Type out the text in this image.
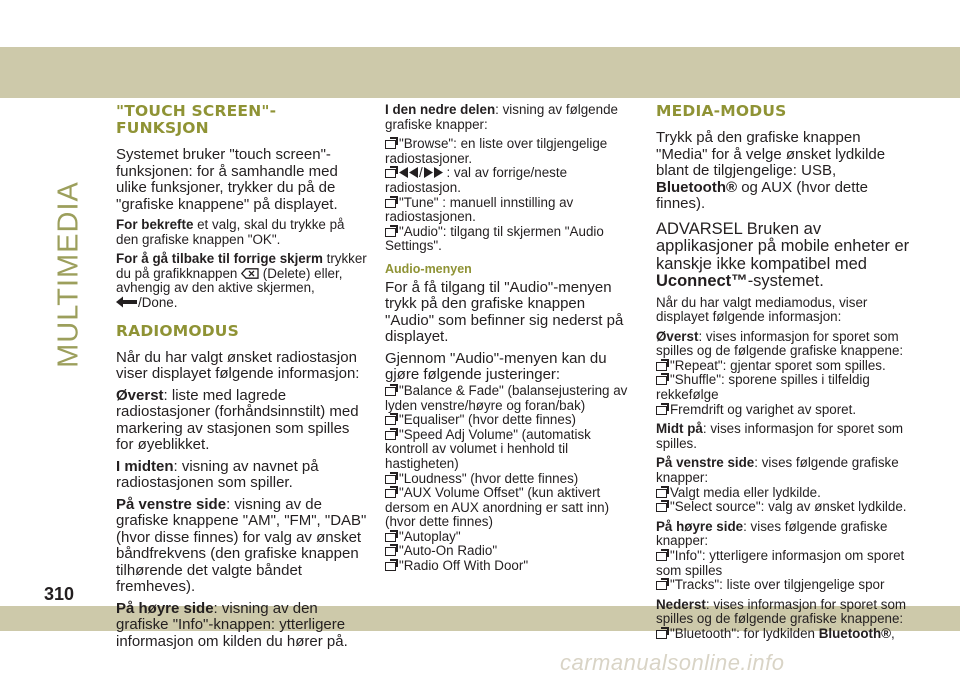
MULTIMEDIA
310
"TOUCH SCREEN"-FUNKSJON

Systemet bruker "touch screen"-funksjonen: for å samhandle med ulike funksjoner, trykker du på de "grafiske knappene" på displayet.

For bekrefte et valg, skal du trykke på den grafiske knappen "OK".

For å gå tilbake til forrige skjerm trykker du på grafikknappen  (Delete) eller, avhengig av den aktive skjermen,
/Done.

RADIOMODUS

Når du har valgt ønsket radiostasjon viser displayet følgende informasjon:

Øverst: liste med lagrede radiostasjoner (forhåndsinnstilt) med markering av stasjonen som spilles for øyeblikket.

I midten: visning av navnet på radiostasjonen som spiller.

På venstre side: visning av de grafiske knappene "AM", "FM", "DAB" (hvor disse finnes) for valg av ønsket båndfrekvens (den grafiske knappen tilhørende det valgte båndet fremheves).

På høyre side: visning av den grafiske "Info"-knappen: ytterligere informasjon om kilden du hører på.

I den nedre delen: visning av følgende grafiske knapper:

"Browse": en liste over tilgjengelige radiostasjoner.
/ : val av forrige/neste radiostasjon.
"Tune" : manuell innstilling av radiostasjonen.
"Audio": tilgang til skjermen "Audio Settings".
Audio-menyen

For å få tilgang til "Audio"-menyen trykk på den grafiske knappen "Audio" som befinner sig nederst på displayet.

Gjennom "Audio"-menyen kan du gjøre følgende justeringer:

"Balance & Fade" (balansejustering av lyden venstre/høyre og foran/bak)
"Equaliser" (hvor dette finnes)
"Speed Adj Volume" (automatisk kontroll av volumet i henhold til hastigheten)
"Loudness" (hvor dette finnes)
"AUX Volume Offset" (kun aktivert dersom en AUX anordning er satt inn) (hvor dette finnes)
"Autoplay"
"Auto-On Radio"
"Radio Off With Door"
MEDIA-MODUS

Trykk på den grafiske knappen "Media" for å velge ønsket lydkilde blant de tilgjengelige: USB, Bluetooth® og AUX (hvor dette finnes).

ADVARSEL Bruken av applikasjoner på mobile enheter er kanskje ikke kompatibel med Uconnect™-systemet.

Når du har valgt mediamodus, viser displayet følgende informasjon:

Øverst: vises informasjon for sporet som spilles og de følgende grafiske knappene:

"Repeat": gjentar sporet som spilles.
"Shuffle": sporene spilles i tilfeldig rekkefølge
Fremdrift og varighet av sporet.

Midt på: vises informasjon for sporet som spilles.

På venstre side: vises følgende grafiske knapper:

Valgt media eller lydkilde.
"Select source": valg av ønsket lydkilde.

På høyre side: vises følgende grafiske knapper:

"Info": ytterligere informasjon om sporet som spilles
"Tracks": liste over tilgjengelige spor

Nederst: vises informasjon for sporet som spilles og de følgende grafiske knappene:

"Bluetooth": for lydkilden Bluetooth®,
carmanualsonline.info
